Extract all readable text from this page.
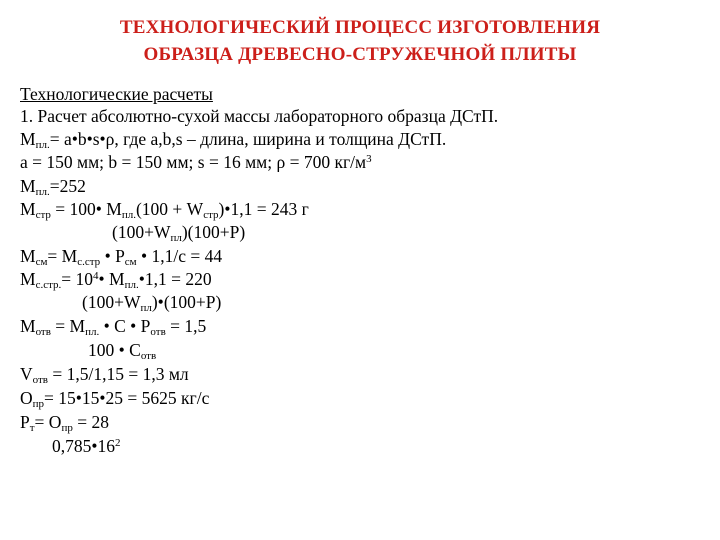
ТЕХНОЛОГИЧЕСКИЙ ПРОЦЕСС ИЗГОТОВЛЕНИЯ
ОБРАЗЦА ДРЕВЕСНО-СТРУЖЕЧНОЙ ПЛИТЫ
Технологические расчеты
1. Расчет абсолютно-сухой массы лабораторного образца ДСтП.
$M_{пл.}=$ a•b•s•ρ, где a,b,s – длина, ширина и толщина ДСтП.
a = 150 мм; b = 150 мм; s = 16 мм; ρ = 700 $кг/м^3$
$M_{пл.}=252$
$M_{стр}$ = 100• $M_{пл.}(100$ + $W_{стр})•1,1 = 243$ г
$(100+W_{пл})(100+P)$
$M_{см}= M_{с.стр}$ • $P_{см}$ • 1,1/c = 44
$M_{с.стр.}=$ $10^4•$ $M_{пл.}•1,1 = 220$
$(100+W_{пл})•(100+P)$
$M_{отв} = M_{пл.}$ • C • $P_{отв} = 1,5$
100 • $C_{отв}$
$V_{отв} = 1,5/1,15 = 1,3$ мл
$O_{пр}=$ 15•15•25 = 5625 кг/с
$P_т= O_{пр} = 28$
$0,785•16^2$
